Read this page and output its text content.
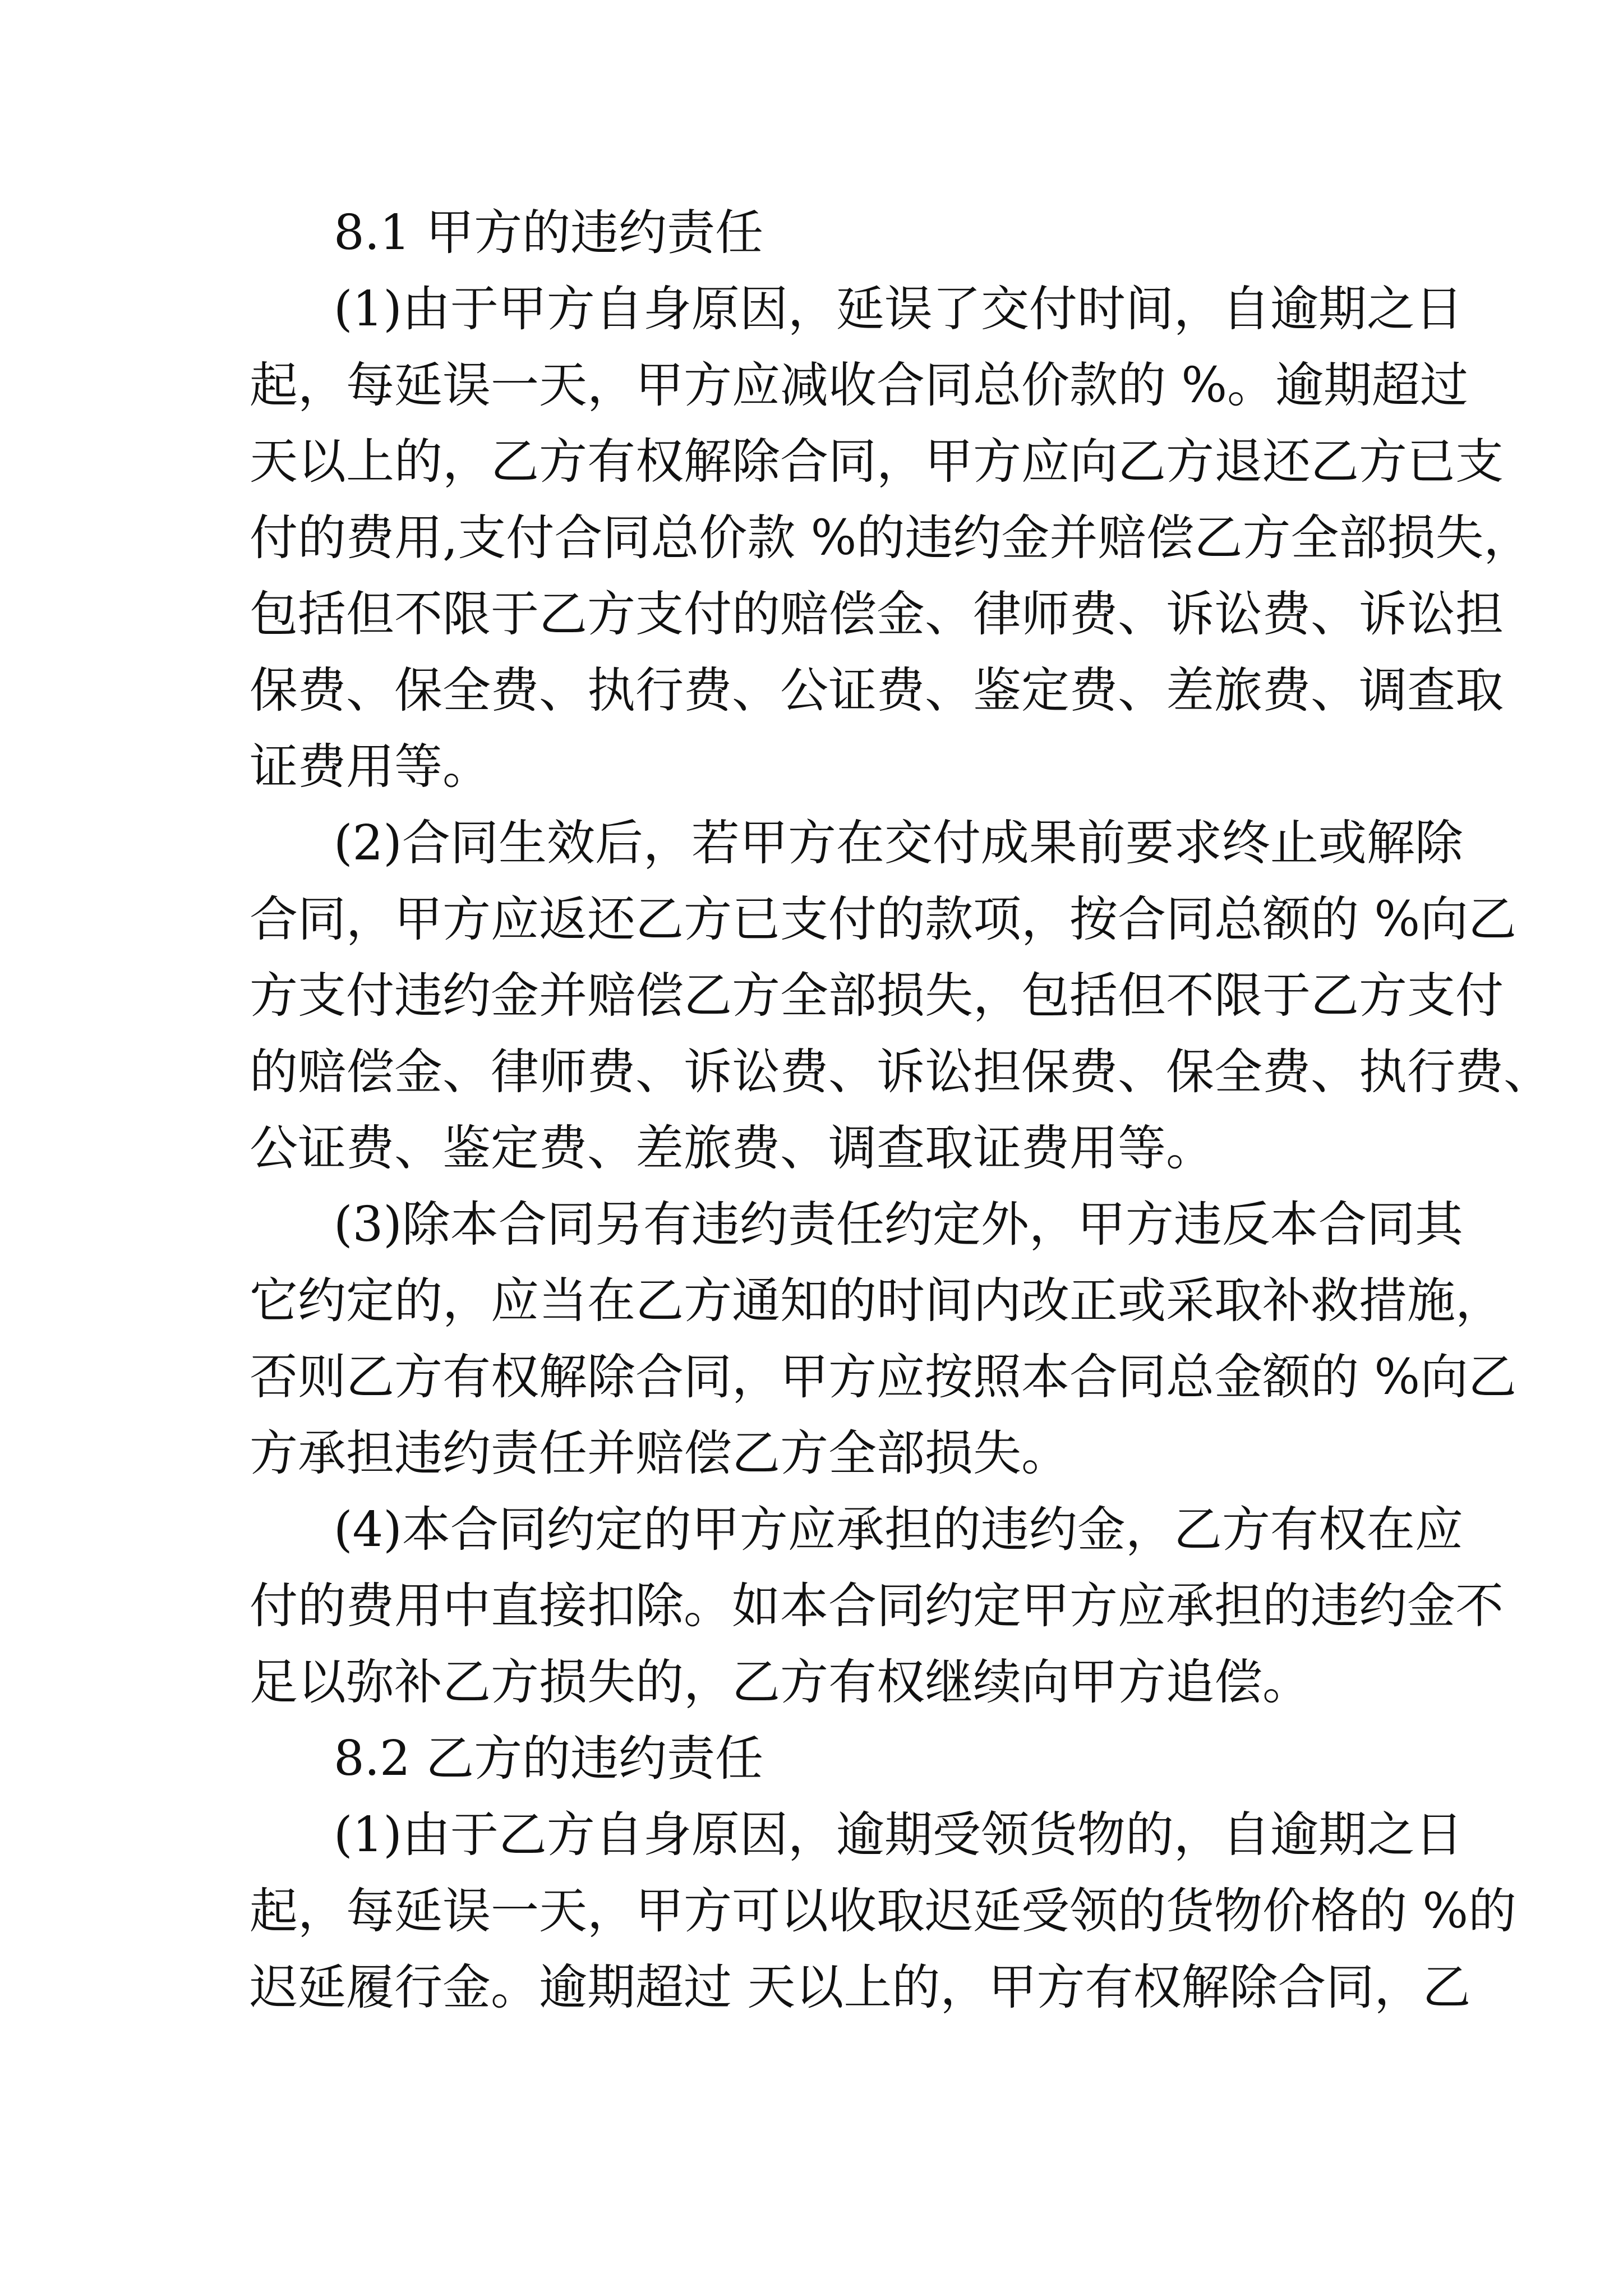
8.1 甲方的违约责任
(1)由于甲方自身原因，延误了交付时间，自逾期之日
起，每延误一天，甲方应减收合同总价款的 %。逾期超过
天以上的，乙方有权解除合同，甲方应向乙方退还乙方已支
付的费用,支付合同总价款 %的违约金并赔偿乙方全部损失，
包括但不限于乙方支付的赔偿金、律师费、诉讼费、诉讼担
保费、保全费、执行费、公证费、鉴定费、差旅费、调查取
证费用等。
(2)合同生效后，若甲方在交付成果前要求终止或解除
合同，甲方应返还乙方已支付的款项，按合同总额的 %向乙
方支付违约金并赔偿乙方全部损失，包括但不限于乙方支付
的赔偿金、律师费、诉讼费、诉讼担保费、保全费、执行费、
公证费、鉴定费、差旅费、调查取证费用等。
(3)除本合同另有违约责任约定外，甲方违反本合同其
它约定的，应当在乙方通知的时间内改正或采取补救措施，
否则乙方有权解除合同，甲方应按照本合同总金额的 %向乙
方承担违约责任并赔偿乙方全部损失。
(4)本合同约定的甲方应承担的违约金，乙方有权在应
付的费用中直接扣除。如本合同约定甲方应承担的违约金不
足以弥补乙方损失的，乙方有权继续向甲方追偿。
8.2 乙方的违约责任
(1)由于乙方自身原因，逾期受领货物的，自逾期之日
起，每延误一天，甲方可以收取迟延受领的货物价格的 %的
迟延履行金。逾期超过 天以上的，甲方有权解除合同，乙
